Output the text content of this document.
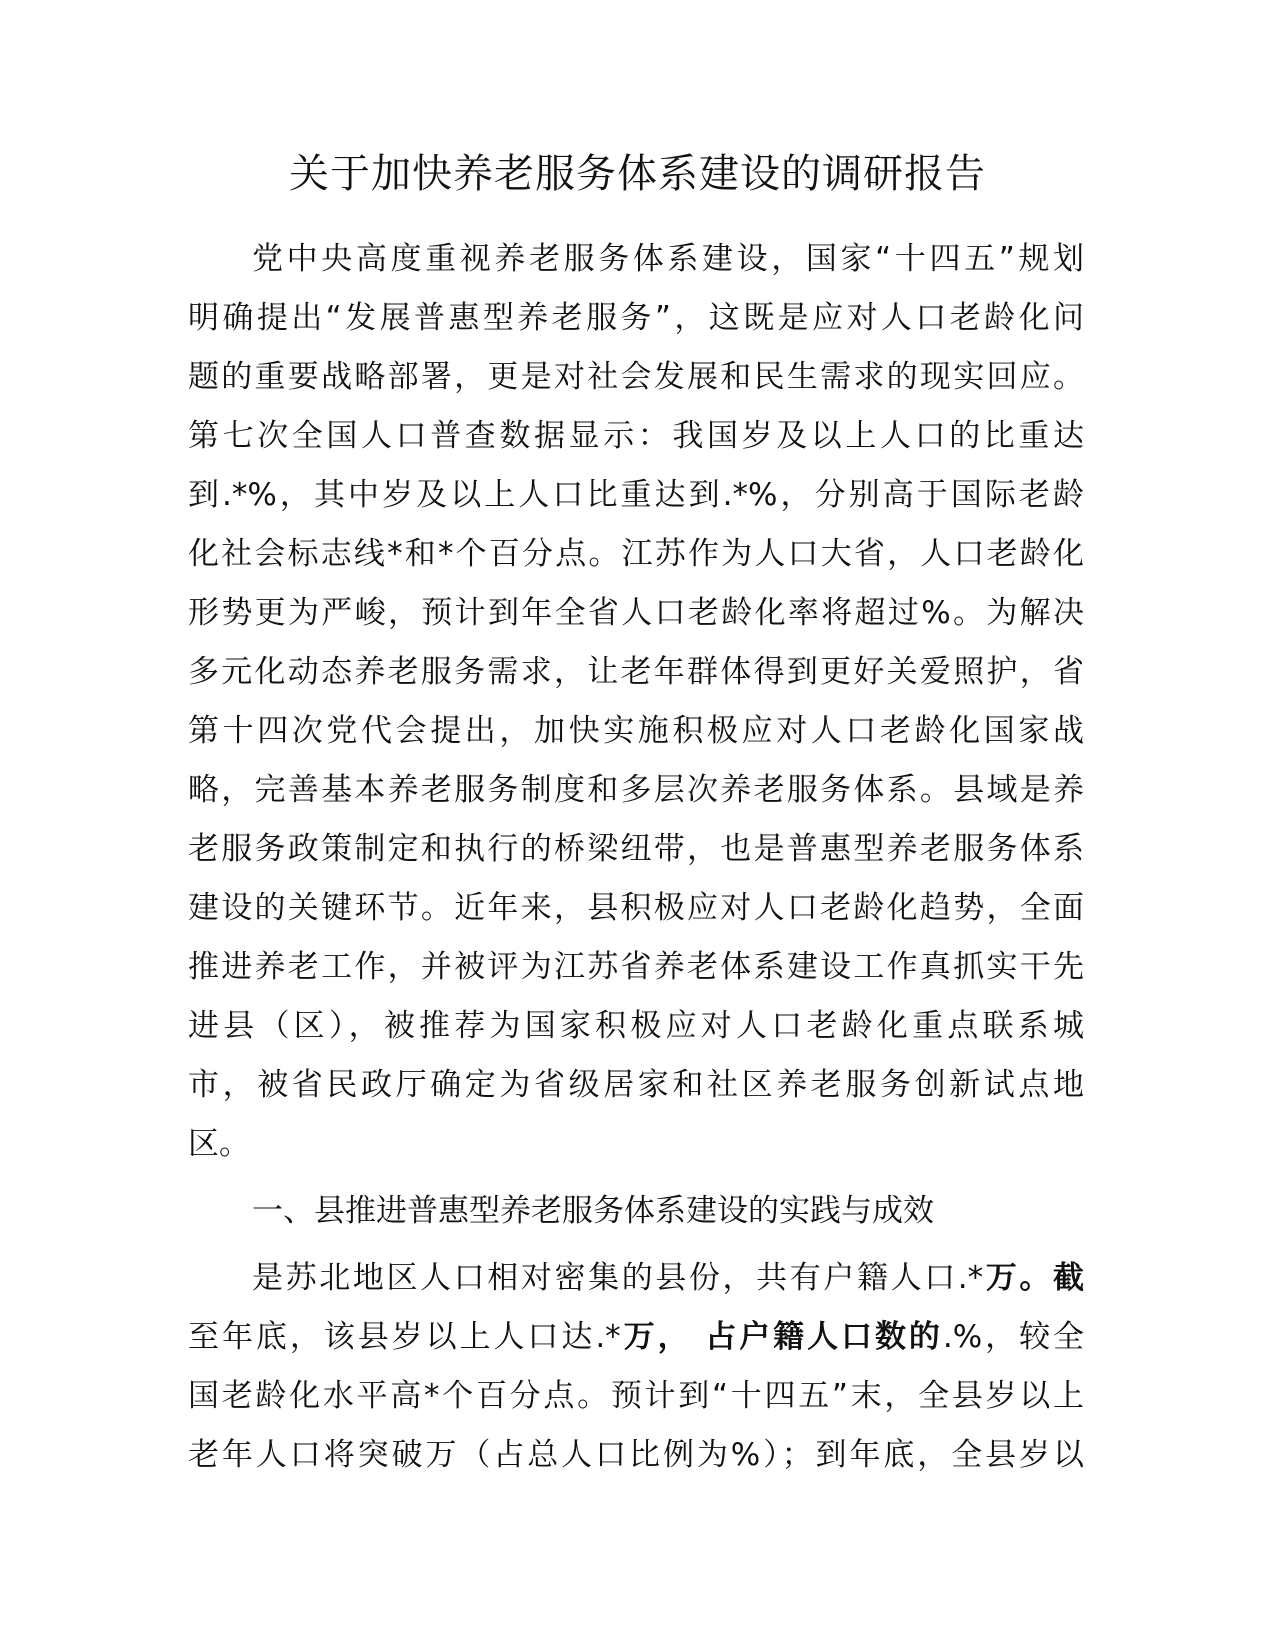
关于加快养老服务体系建设的调研报告
党中央高度重视养老服务体系建设，国家“十四五”规划
明确提出“发展普惠型养老服务”，这既是应对人口老龄化问
题的重要战略部署，更是对社会发展和民生需求的现实回应。
第七次全国人口普查数据显示：我国岁及以上人口的比重达
到.*%，其中岁及以上人口比重达到.*%，分别高于国际老龄
化社会标志线*和*个百分点。江苏作为人口大省，人口老龄化
形势更为严峻，预计到年全省人口老龄化率将超过%。为解决
多元化动态养老服务需求，让老年群体得到更好关爱照护，省
第十四次党代会提出，加快实施积极应对人口老龄化国家战
略，完善基本养老服务制度和多层次养老服务体系。县域是养
老服务政策制定和执行的桥梁纽带，也是普惠型养老服务体系
建设的关键环节。近年来，县积极应对人口老龄化趋势，全面
推进养老工作，并被评为江苏省养老体系建设工作真抓实干先
进县（区），被推荐为国家积极应对人口老龄化重点联系城
市，被省民政厅确定为省级居家和社区养老服务创新试点地
区。
一、县推进普惠型养老服务体系建设的实践与成效
是苏北地区人口相对密集的县份，共有户籍人口.*万。截
至年底，该县岁以上人口达.*万， 占户籍人口数的.%，较全
国老龄化水平高*个百分点。预计到“十四五”末，全县岁以上
老年人口将突破万（占总人口比例为%）；到年底，全县岁以
